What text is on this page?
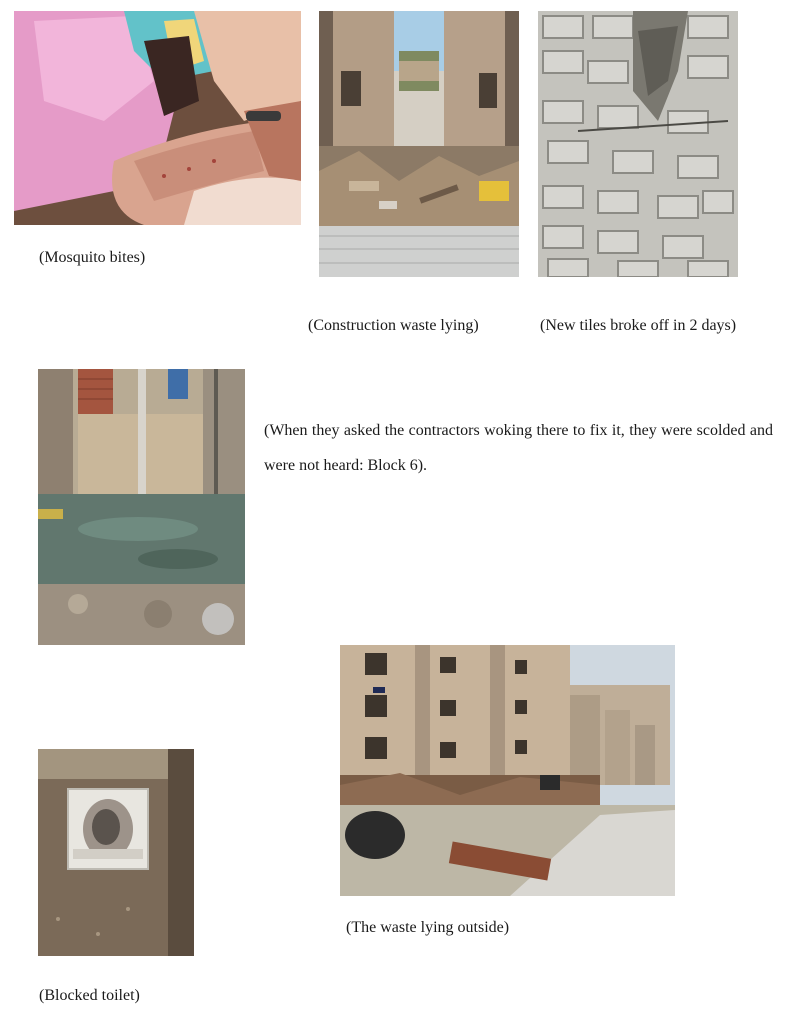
(Mosquito bites)
(Construction waste lying)	(New tiles broke off in 2 days)
(When they asked the contractors woking there to fix it, they were scolded and were not heard: Block 6).
(The waste lying outside)
(Blocked toilet)
